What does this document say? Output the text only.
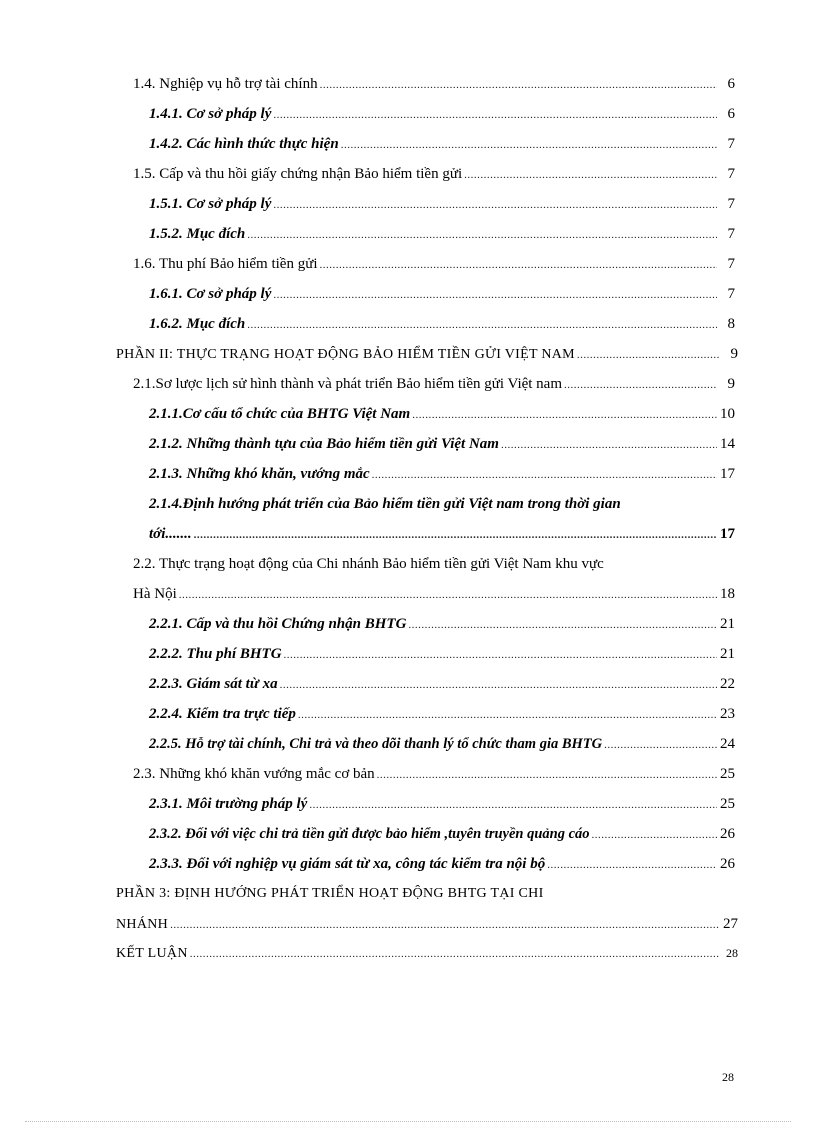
1.4. Nghiệp vụ hỗ trợ tài chính .....	6
1.4.1. Cơ sở pháp lý .....	6
1.4.2. Các hình thức thực hiện .....	7
1.5. Cấp và thu hồi giấy chứng nhận Bảo hiểm tiền gửi .....	7
1.5.1. Cơ sở pháp lý .....	7
1.5.2. Mục đích .....	7
1.6. Thu phí Bảo hiểm tiền gửi .....	7
1.6.1. Cơ sở pháp lý .....	7
1.6.2. Mục đích .....	8
PHẦN II: THỰC TRẠNG HOẠT ĐỘNG BẢO HIỂM TIỀN GỬI VIỆT NAM .....	9
2.1.Sơ lược lịch sử hình thành và phát triển Bảo hiểm tiền gửi Việt nam .....	9
2.1.1.Cơ cấu tổ chức của BHTG Việt Nam .....	10
2.1.2. Những thành tựu của Bảo hiểm tiền gửi Việt Nam .....	14
2.1.3. Những khó khăn, vướng mắc .....	17
2.1.4.Định hướng phát triển của Bảo hiểm tiền gửi Việt nam trong thời gian
tới....... .....	17
2.2. Thực trạng hoạt động của Chi nhánh Bảo hiểm tiền gửi Việt Nam khu vực
Hà Nội .....	18
2.2.1. Cấp và thu hồi Chứng nhận BHTG .....	21
2.2.2. Thu phí BHTG .....	21
2.2.3. Giám sát từ xa .....	22
2.2.4. Kiểm tra trực tiếp .....	23
2.2.5. Hỗ trợ tài chính, Chi trả và theo dõi thanh lý tổ chức tham gia BHTG .....	24
2.3. Những khó khăn vướng mắc cơ bản .....	25
2.3.1. Môi trường pháp lý .....	25
2.3.2. Đối với việc chi trả tiền gửi được bảo hiểm ,tuyên truyền quảng cáo .....	26
2.3.3. Đối với nghiệp vụ giám sát từ xa, công tác kiểm tra nội bộ .....	26
PHẦN 3: ĐỊNH HƯỚNG PHÁT TRIỂN HOẠT ĐỘNG BHTG TẠI CHI
NHÁNH .....	27
KẾT LUẬN .....	28
28
